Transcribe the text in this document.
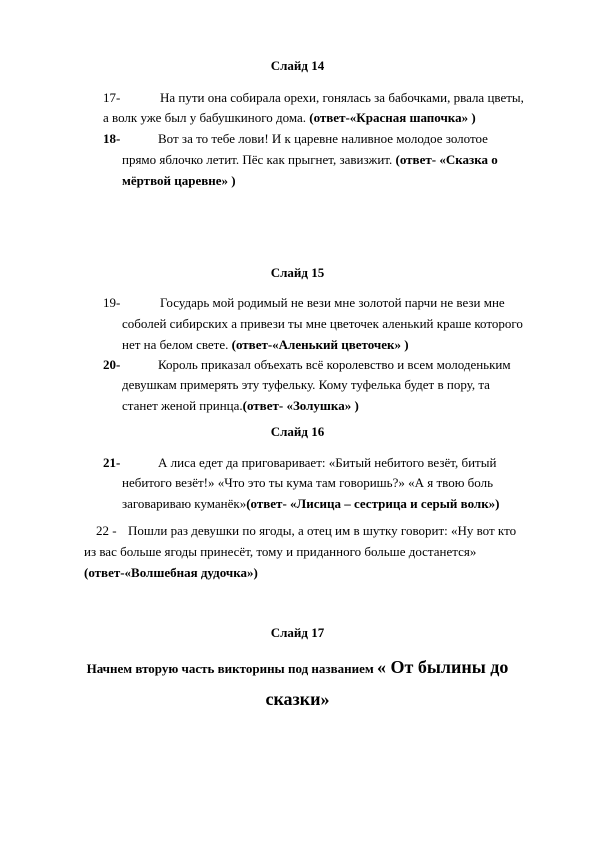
Слайд 14
17-	На пути она собирала орехи, гонялась за бабочками, рвала цветы,
а волк уже был у бабушкиного дома. (ответ-«Красная шапочка» )
18-	Вот за то тебе лови! И к царевне наливное молодое золотое
прямо яблочко летит. Пёс как прыгнет, завизжит. (ответ- «Сказка о
мёртвой царевне» )
Слайд 15
19-	Государь мой родимый не вези мне золотой парчи не вези мне
соболей сибирских а привези ты мне цветочек аленький краше которого
нет на белом свете. (ответ-«Аленький цветочек» )
20-	Король приказал объехать всё королевство и всем молоденьким
девушкам примерять эту туфельку. Кому туфелька будет в пору, та
станет женой принца.(ответ- «Золушка» )
Слайд 16
21-	А лиса едет да приговаривает: «Битый небитого везёт, битый
небитого везёт!» «Что это ты кума там говоришь?» «А я твою боль
заговариваю куманёк»(ответ- «Лисица – сестрица и серый волк»)
22 - Пошли раз девушки по ягоды, а отец им в шутку говорит: «Ну вот кто
из вас больше ягоды принесёт, тому и приданного больше достанется»
(ответ-«Волшебная дудочка»)
Слайд 17
Начнем вторую часть викторины под названием « От былины до
сказки»
